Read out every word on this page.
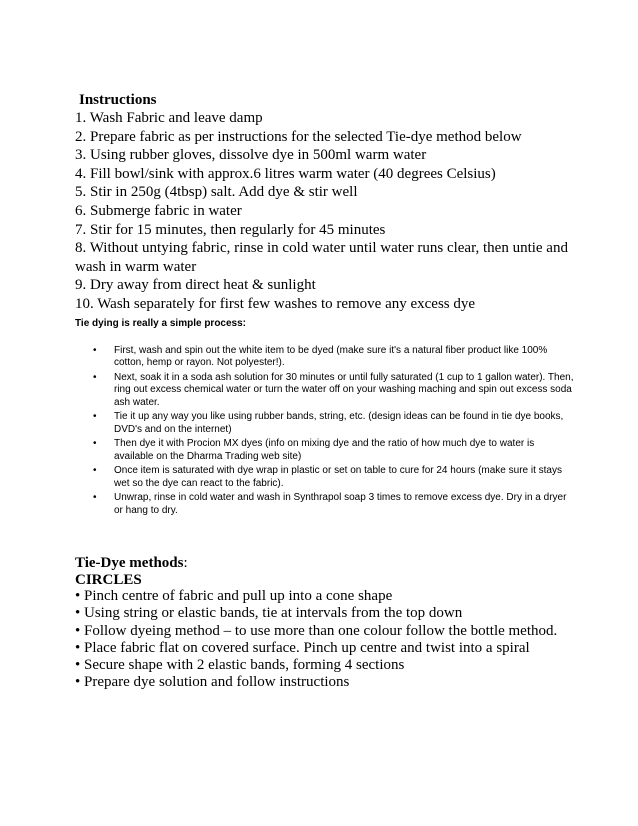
Instructions
1. Wash Fabric and leave damp
2. Prepare fabric as per instructions for the selected Tie-dye method below
3. Using rubber gloves, dissolve dye in 500ml warm water
4. Fill bowl/sink with approx.6 litres warm water (40 degrees Celsius)
5. Stir in 250g (4tbsp) salt. Add dye & stir well
6. Submerge fabric in water
7. Stir for 15 minutes, then regularly for 45 minutes
8. Without untying fabric, rinse in cold water until water runs clear, then untie and wash in warm water
9. Dry away from direct heat & sunlight
10. Wash separately for first few washes to remove any excess dye
Tie dying is really a simple process:
• First, wash and spin out the white item to be dyed (make sure it's a natural fiber product like 100% cotton, hemp or rayon. Not polyester!).
• Next, soak it in a soda ash solution for 30 minutes or until fully saturated (1 cup to 1 gallon water). Then, ring out excess chemical water or turn the water off on your washing maching and spin out excess soda ash water.
• Tie it up any way you like using rubber bands, string, etc. (design ideas can be found in tie dye books, DVD's and on the internet)
• Then dye it with Procion MX dyes (info on mixing dye and the ratio of how much dye to water is available on the Dharma Trading web site)
• Once item is saturated with dye wrap in plastic or set on table to cure for 24 hours (make sure it stays wet so the dye can react to the fabric).
• Unwrap, rinse in cold water and wash in Synthrapol soap 3 times to remove excess dye. Dry in a dryer or hang to dry.
Tie-Dye methods:
CIRCLES
• Pinch centre of fabric and pull up into a cone shape
• Using string or elastic bands, tie at intervals from the top down
• Follow dyeing method – to use more than one colour follow the bottle method.
• Place fabric flat on covered surface. Pinch up centre and twist into a spiral
• Secure shape with 2 elastic bands, forming 4 sections
• Prepare dye solution and follow instructions
